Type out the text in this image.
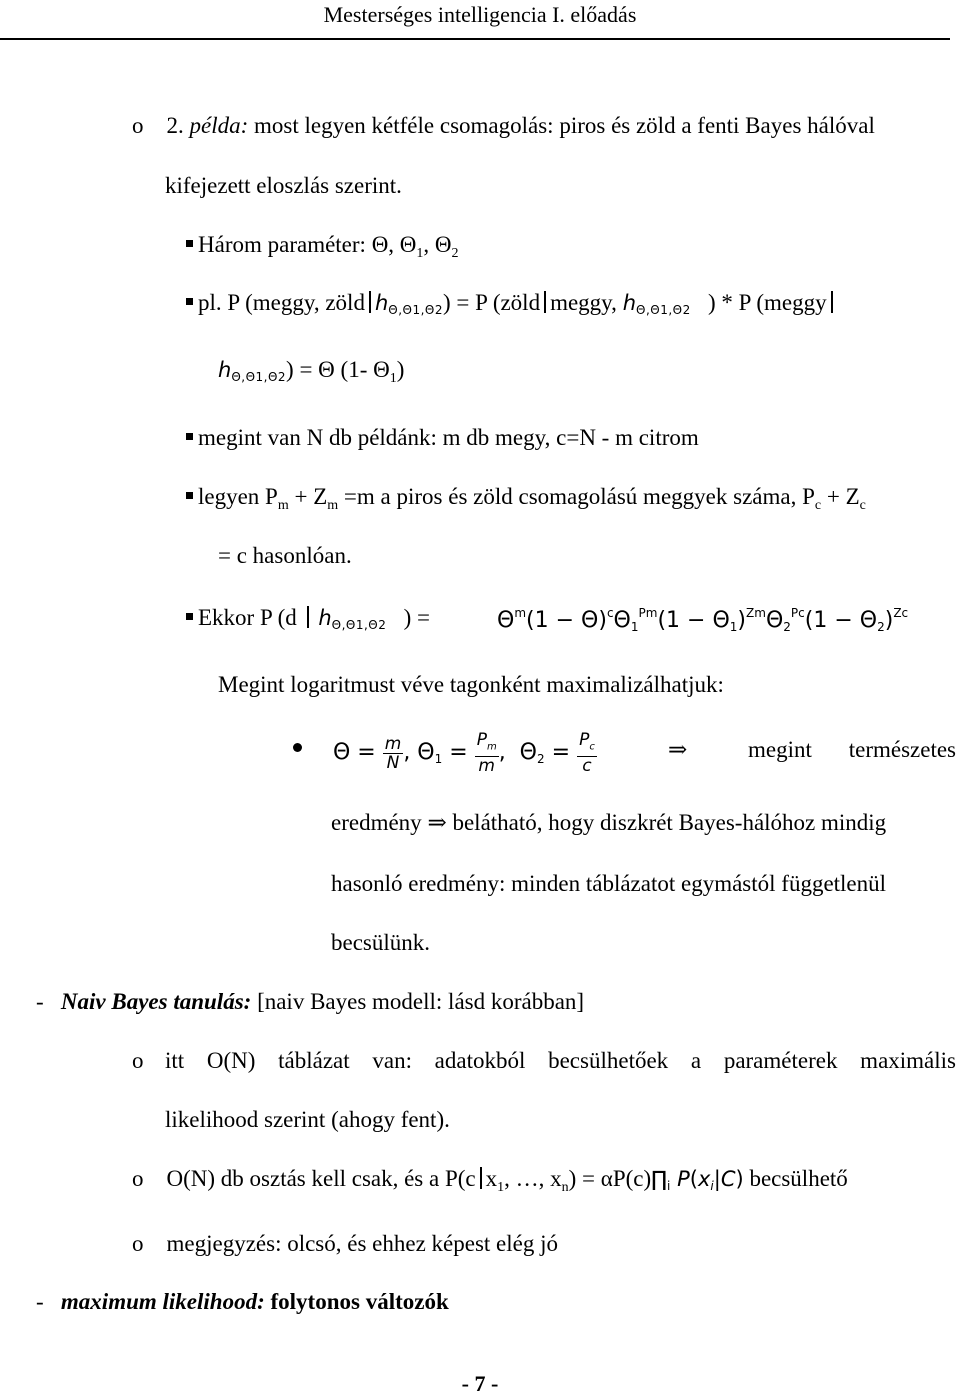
Mesterséges intelligencia I. előadás
o 2. példa: most legyen kétféle csomagolás: piros és zöld a fenti Bayes hálóval
kifejezett eloszlás szerint.
Három paraméter: Θ, $\Theta_1$, $\Theta_2$
pl. P (meggy, zöld hΘ,Θ1,Θ2) = P (zöld meggy, hΘ,Θ1,Θ2 ) * P (meggy
hΘ,Θ1,Θ2) = Θ (1- $\Theta_1$)
megint van N db példánk: m db megy, c=N - m citrom
legyen $P_m + Z_m =m$ a piros és zöld csomagolású meggyek száma, $P_c + Z_c$
= c hasonlóan.
Ekkor P (d hΘ,Θ1,Θ2 ) =	$\Theta^m(1 - \Theta)^c\Theta 1^{Pm}(1 - \Theta 1)^{Zm}\Theta 2^{Pc}(1 - \Theta 2)^{Zc}$
Megint logaritmust véve tagonként maximalizálhatjuk:
$\Theta = \frac{m}{N}$ , $\Theta 1 = \frac{P_m}{m}$ ,  $\Theta 2 = \frac{P_c}{c}$	⇒	megint természetes
eredmény ⇒ belátható, hogy diszkrét Bayes-hálóhoz mindig
hasonló eredmény: minden táblázatot egymástól függetlenül
becsülünk.
- Naiv Bayes tanulás: [naiv Bayes modell: lásd korábban]
o itt O(N) táblázat van: adatokból becsülhetőek a paraméterek maximális
likelihood szerint (ahogy fent).
o O(N) db osztás kell csak, és a P(c $x_1$, …, $x_n$) = αP(c)∏i P(xi|C) becsülhető
o megjegyzés: olcsó, és ehhez képest elég jó
- maximum likelihood: folytonos változók
- 7 -
